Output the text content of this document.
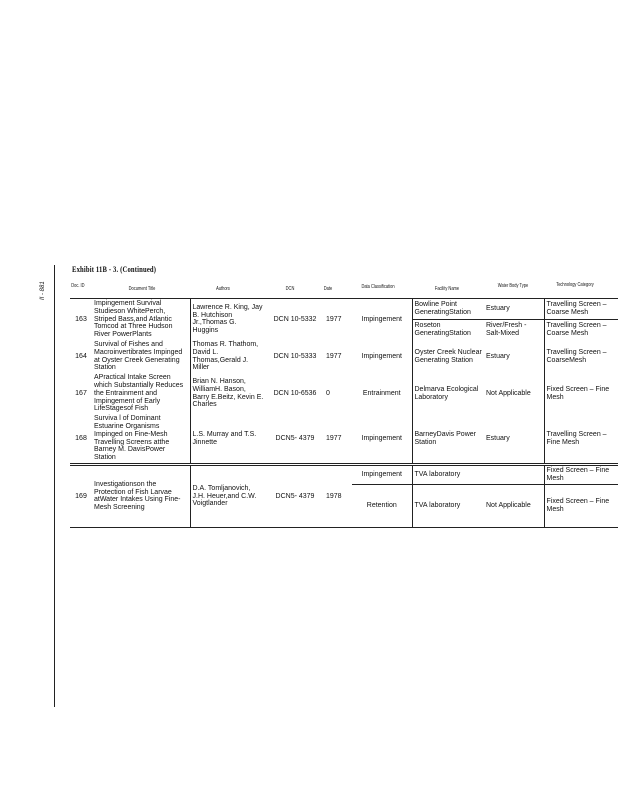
II - 881
Exhibit 11B - 3. (Continued)
Doc. ID	Document Title	Authors	DCN	Date	Data Classification	Facility Name	Water Body Type	Technology Category
163	Impingement Survival Studieson WhitePerch, Striped Bass,and Atlantic Tomcod at Three Hudson River PowerPlants	Lawrence R. King, Jay B. Hutchison Jr.,Thomas G. Huggins	DCN 10-5332	1977	Impingement	Bowline Point GeneratingStation	Estuary	Travelling Screen – Coarse Mesh
						Roseton GeneratingStation	River/Fresh - Salt-Mixed	Travelling Screen – Coarse Mesh
164	Survival of Fishes and Macroinvertibrates Impinged at Oyster Creek Generating Station	Thomas R. Thathom, David L. Thomas,Gerald J. Miller	DCN 10-5333	1977	Impingement	Oyster Creek Nuclear Generating Station	Estuary	Travelling Screen – CoarseMesh
167	APractical Intake Screen which Substantially Reduces the Entrainment and Impingement of Early LifeStagesof Fish	Brian N. Hanson, WilliamH. Bason, Barry E.Beitz, Kevin E. Charles	DCN 10-6536	0	Entrainment	Delmarva Ecological Laboratory	Not Applicable	Fixed Screen – Fine Mesh
168	Surviva l of Dominant Estuarine Organisms Impinged on Fine-Mesh Travelling Screens atthe Barney M. DavisPower Station	L.S. Murray and T.S. Jinnette	DCN5- 4379	1977	Impingement	BarneyDavis Power Station	Estuary	Travelling Screen – Fine Mesh

169	Investigationson the Protection of Fish Larvae atWater Intakes Using Fine-Mesh Screening	D.A. Tomljanovich, J.H. Heuer,and C.W. Voigtlander	DCN5- 4379	1978	Impingement	TVA laboratory		Fixed Screen – Fine Mesh
					Retention	TVA laboratory	Not Applicable	Fixed Screen – Fine Mesh
